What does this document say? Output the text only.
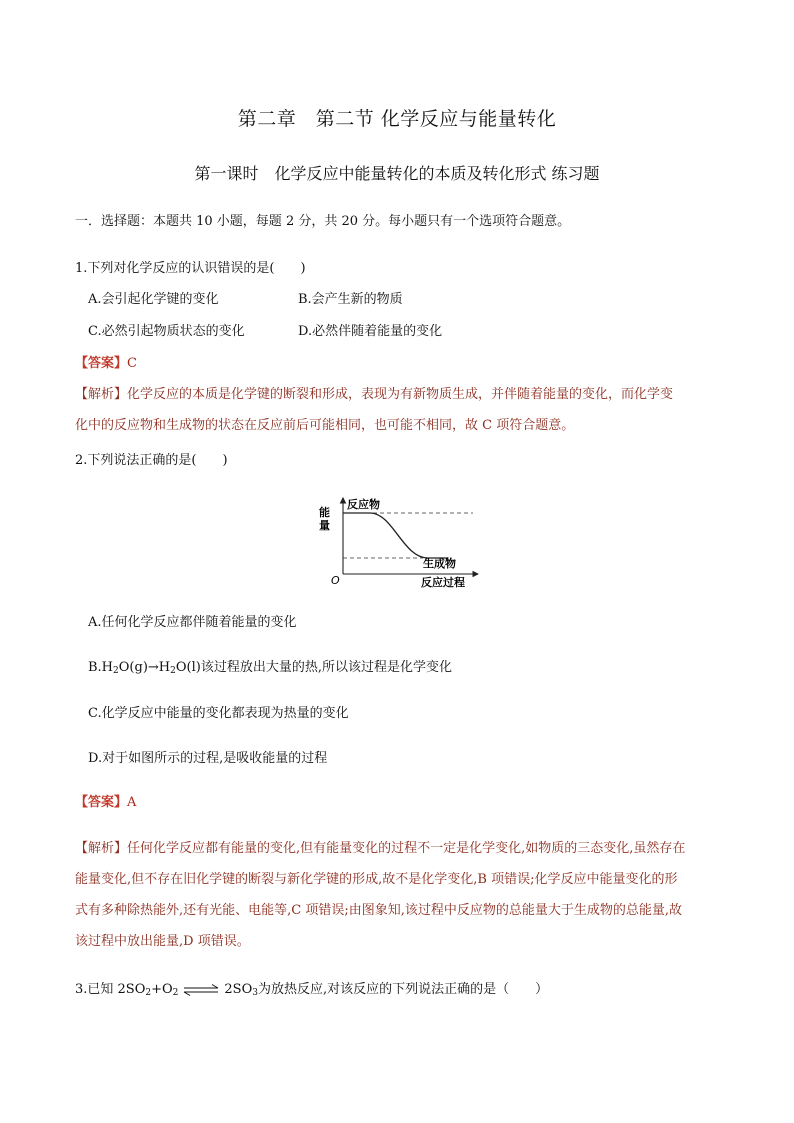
第二章　第二节 化学反应与能量转化
第一课时　化学反应中能量转化的本质及转化形式 练习题
一．选择题：本题共 10 小题，每题 2 分，共 20 分。每小题只有一个选项符合题意。
1.下列对化学反应的认识错误的是(　　)
A.会引起化学键的变化	B.会产生新的物质
C.必然引起物质状态的变化	D.必然伴随着能量的变化
【答案】C
【解析】化学反应的本质是化学键的断裂和形成，表现为有新物质生成，并伴随着能量的变化，而化学变
化中的反应物和生成物的状态在反应前后可能相同，也可能不相同，故 C 项符合题意。
2.下列说法正确的是(　　)
能
量
O
反应物
生成物
反应过程
A.任何化学反应都伴随着能量的变化
$B.H_2O(g)\to H_2O(l)$该过程放出大量的热,所以该过程是化学变化
C.化学反应中能量的变化都表现为热量的变化
D.对于如图所示的过程,是吸收能量的过程
【答案】A
【解析】任何化学反应都有能量的变化,但有能量变化的过程不一定是化学变化,如物质的三态变化,虽然存在
能量变化,但不存在旧化学键的断裂与新化学键的形成,故不是化学变化,B 项错误;化学反应中能量变化的形
式有多种除热能外,还有光能、电能等,C 项错误;由图象知,该过程中反应物的总能量大于生成物的总能量,故
该过程中放出能量,D 项错误。
3.已知 $2SO_2+O_2$ ⇌ $2SO_3$为放热反应,对该反应的下列说法正确的是（　　）
